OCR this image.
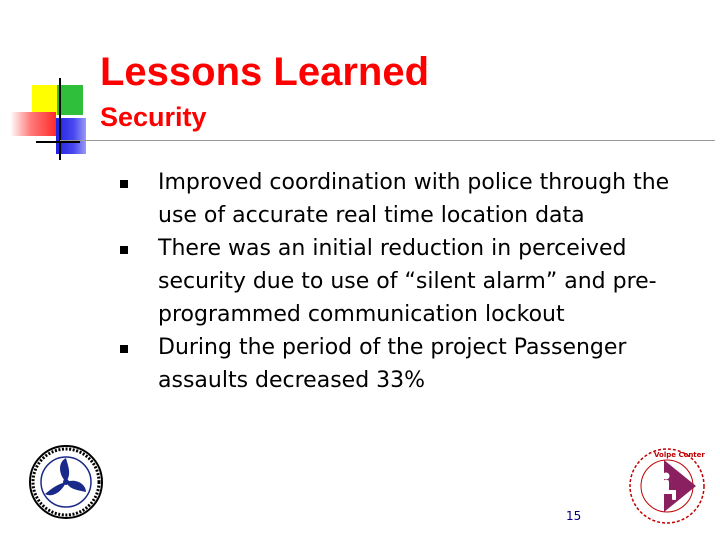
Lessons Learned
Security
Improved coordination with police through the use of accurate real time location data
There was an initial reduction in perceived security due to use of “silent alarm” and pre-programmed communication lockout
During the period of the project Passenger assaults decreased 33%
Volpe Center
15
